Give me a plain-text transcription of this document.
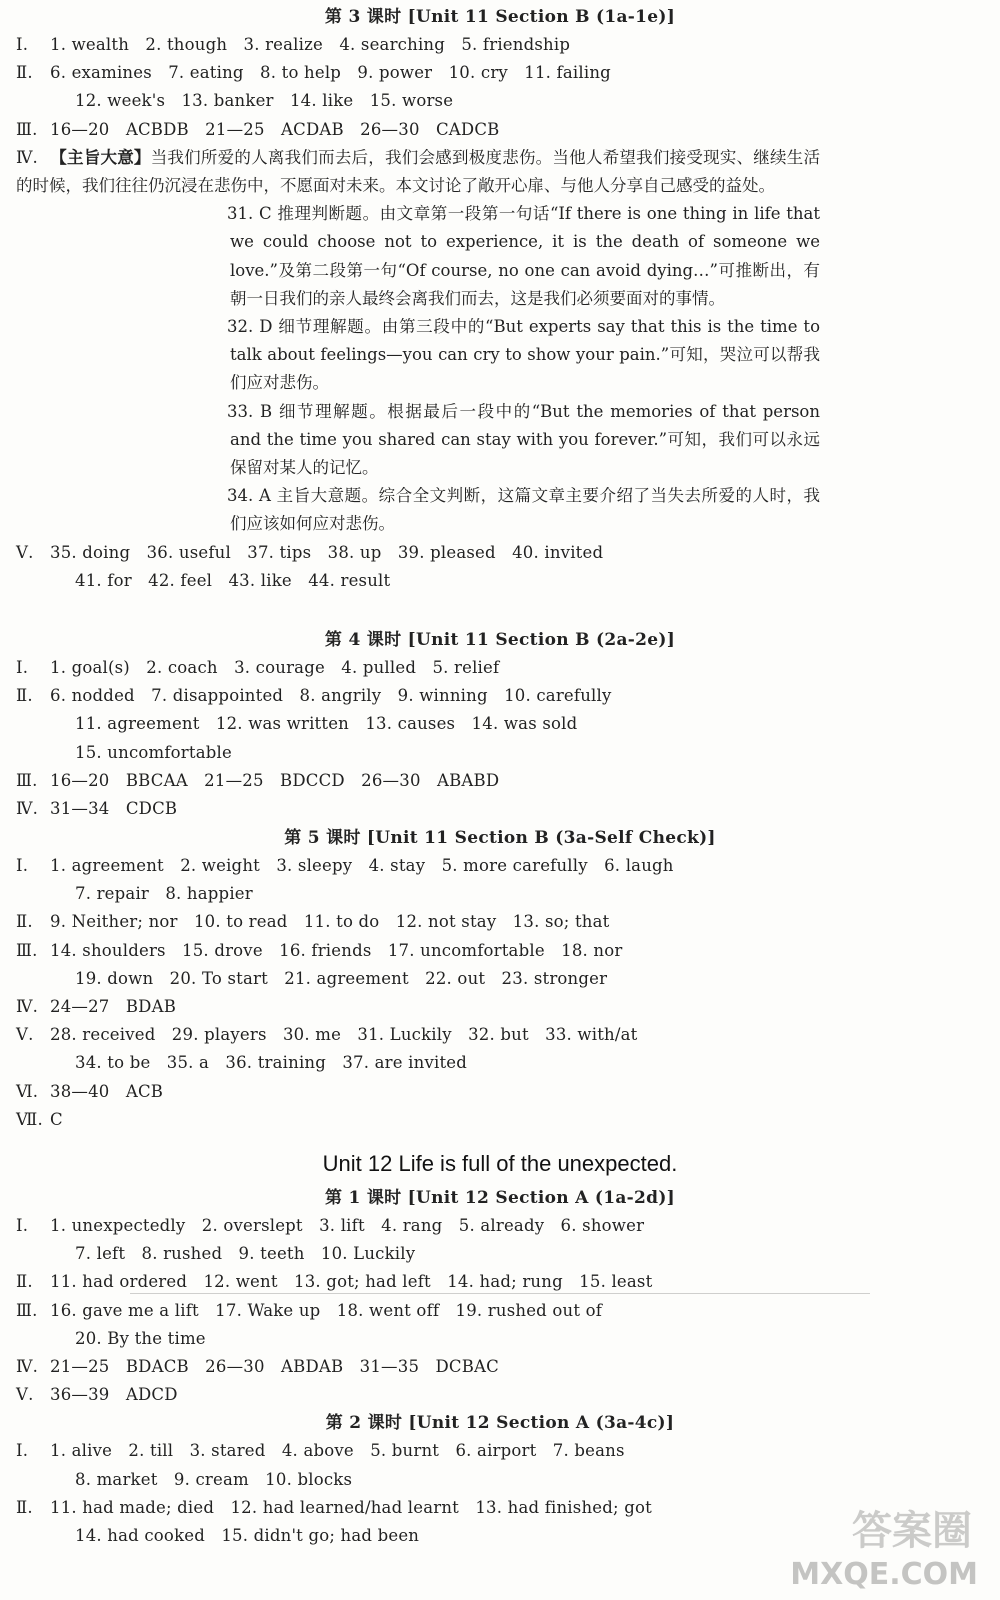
第 3 课时 [Unit 11 Section B (1a-1e)]
Ⅰ. 1. wealth   2. though   3. realize   4. searching   5. friendship
Ⅱ. 6. examines   7. eating   8. to help   9. power   10. cry   11. failing
12. week's   13. banker   14. like   15. worse
Ⅲ. 16—20   ACBDB   21—25   ACDAB   26—30   CADCB

Ⅳ. 【主旨大意】当我们所爱的人离我们而去后，我们会感到极度悲伤。当他人希望我们接受现实、继续生活的时候，我们往往仍沉浸在悲伤中，不愿面对未来。本文讨论了敞开心扉、与他人分享自己感受的益处。

31. C 推理判断题。由文章第一段第一句话“If there is one thing in life that we could choose not to experience, it is the death of someone we love.”及第二段第一句“Of course, no one can avoid dying…”可推断出，有朝一日我们的亲人最终会离我们而去，这是我们必须要面对的事情。

32. D 细节理解题。由第三段中的“But experts say that this is the time to talk about feelings—you can cry to show your pain.”可知，哭泣可以帮我们应对悲伤。

33. B 细节理解题。根据最后一段中的“But the memories of that person and the time you shared can stay with you forever.”可知，我们可以永远保留对某人的记忆。

34. A 主旨大意题。综合全文判断，这篇文章主要介绍了当失去所爱的人时，我们应该如何应对悲伤。

Ⅴ. 35. doing   36. useful   37. tips   38. up   39. pleased   40. invited
41. for   42. feel   43. like   44. result
第 4 课时 [Unit 11 Section B (2a-2e)]
Ⅰ. 1. goal(s)   2. coach   3. courage   4. pulled   5. relief
Ⅱ. 6. nodded   7. disappointed   8. angrily   9. winning   10. carefully
11. agreement   12. was written   13. causes   14. was sold
15. uncomfortable
Ⅲ. 16—20   BBCAA   21—25   BDCCD   26—30   ABABD
Ⅳ. 31—34   CDCB
第 5 课时 [Unit 11 Section B (3a-Self Check)]
Ⅰ. 1. agreement   2. weight   3. sleepy   4. stay   5. more carefully   6. laugh
7. repair   8. happier
Ⅱ. 9. Neither; nor   10. to read   11. to do   12. not stay   13. so; that
Ⅲ. 14. shoulders   15. drove   16. friends   17. uncomfortable   18. nor
19. down   20. To start   21. agreement   22. out   23. stronger
Ⅳ. 24—27   BDAB
Ⅴ. 28. received   29. players   30. me   31. Luckily   32. but   33. with/at
34. to be   35. a   36. training   37. are invited
Ⅵ. 38—40   ACB
Ⅶ. C
Unit 12 Life is full of the unexpected.
第 1 课时 [Unit 12 Section A (1a-2d)]
Ⅰ. 1. unexpectedly   2. overslept   3. lift   4. rang   5. already   6. shower
7. left   8. rushed   9. teeth   10. Luckily
Ⅱ. 11. had ordered   12. went   13. got; had left   14. had; rung   15. least
Ⅲ. 16. gave me a lift   17. Wake up   18. went off   19. rushed out of
20. By the time
Ⅳ. 21—25   BDACB   26—30   ABDAB   31—35   DCBAC
Ⅴ. 36—39   ADCD
第 2 课时 [Unit 12 Section A (3a-4c)]
Ⅰ. 1. alive   2. till   3. stared   4. above   5. burnt   6. airport   7. beans
8. market   9. cream   10. blocks
Ⅱ. 11. had made; died   12. had learned/had learnt   13. had finished; got
14. had cooked   15. didn't go; had been	答案圈
MXQE.COM
